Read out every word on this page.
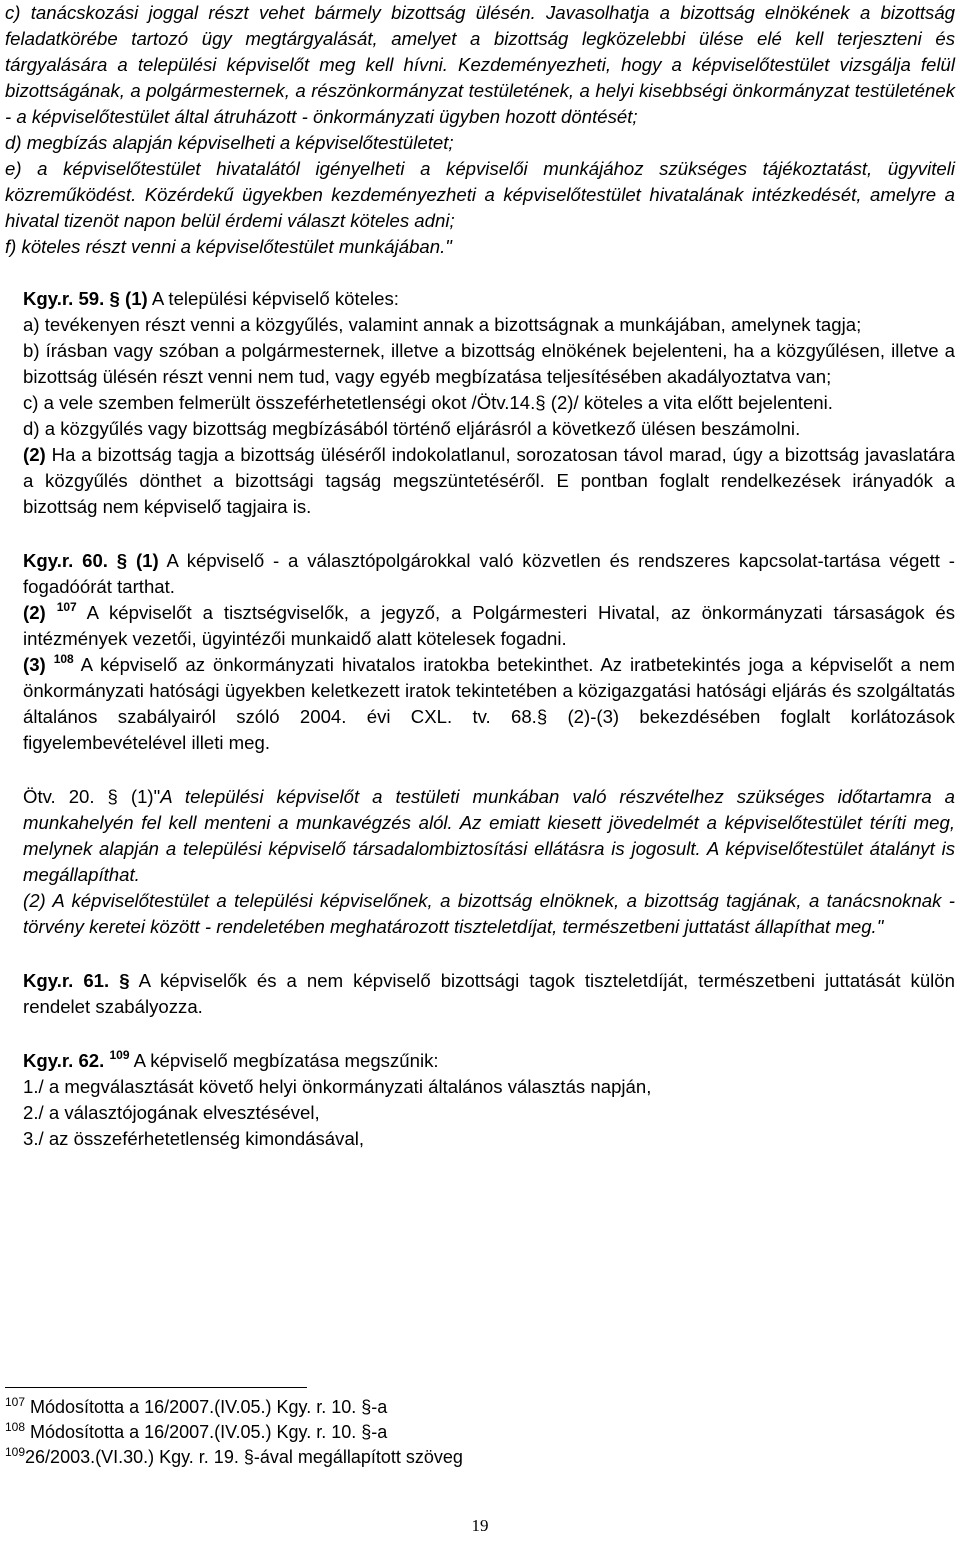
c) tanácskozási joggal részt vehet bármely bizottság ülésén. Javasolhatja a bizottság elnökének a bizottság feladatkörébe tartozó ügy megtárgyalását, amelyet a bizottság legközelebbi ülése elé kell terjeszteni és tárgyalására a települési képviselőt meg kell hívni. Kezdeményezheti, hogy a képviselőtestület vizsgálja felül bizottságának, a polgármesternek, a részönkormányzat testületének, a helyi kisebbségi önkormányzat testületének - a képviselőtestület által átruházott - önkormányzati ügyben hozott döntését;

d) megbízás alapján képviselheti a képviselőtestületet;

e) a képviselőtestület hivatalától igényelheti a képviselői munkájához szükséges tájékoztatást, ügyviteli közreműködést. Közérdekű ügyekben kezdeményezheti a képviselőtestület hivatalának intézkedését, amelyre a hivatal tizenöt napon belül érdemi választ köteles adni;

f) köteles részt venni a képviselőtestület munkájában."

Kgy.r. 59. § (1) A települési képviselő köteles:

a) tevékenyen részt venni a közgyűlés, valamint annak a bizottságnak a munkájában, amelynek tagja;

b) írásban vagy szóban a polgármesternek, illetve a bizottság elnökének bejelenteni, ha a közgyűlésen, illetve a bizottság ülésén részt venni nem tud, vagy egyéb megbízatása teljesítésében akadályoztatva van;

c) a vele szemben felmerült összeférhetetlenségi okot /Ötv.14.§ (2)/ köteles a vita előtt bejelenteni.

d) a közgyűlés vagy bizottság megbízásából történő eljárásról a következő ülésen beszámolni.

(2) Ha a bizottság tagja a bizottság üléséről indokolatlanul, sorozatosan távol marad, úgy a bizottság javaslatára a közgyűlés dönthet a bizottsági tagság megszüntetéséről. E pontban foglalt rendelkezések irányadók a bizottság nem képviselő tagjaira is.

Kgy.r. 60. § (1) A képviselő - a választópolgárokkal való közvetlen és rendszeres kapcsolat-tartása végett - fogadóórát tarthat.

(2) $^{107}$ A képviselőt a tisztségviselők, a jegyző, a Polgármesteri Hivatal, az önkormányzati társaságok és intézmények vezetői, ügyintézői munkaidő alatt kötelesek fogadni.

(3) $^{108}$ A képviselő az önkormányzati hivatalos iratokba betekinthet. Az iratbetekintés joga a képviselőt a nem önkormányzati hatósági ügyekben keletkezett iratok tekintetében a közigazgatási hatósági eljárás és szolgáltatás általános szabályairól szóló 2004. évi CXL. tv. 68.§ (2)-(3) bekezdésében foglalt korlátozások figyelembevételével illeti meg.

Ötv. 20. § (1)"A települési képviselőt a testületi munkában való részvételhez szükséges időtartamra a munkahelyén fel kell menteni a munkavégzés alól. Az emiatt kiesett jövedelmét a képviselőtestület téríti meg, melynek alapján a települési képviselő társadalombiztosítási ellátásra is jogosult. A képviselőtestület átalányt is megállapíthat.

(2) A képviselőtestület a települési képviselőnek, a bizottság elnöknek, a bizottság tagjának, a tanácsnoknak - törvény keretei között - rendeletében meghatározott tiszteletdíjat, természetbeni juttatást állapíthat meg."

Kgy.r. 61. § A képviselők és a nem képviselő bizottsági tagok tiszteletdíját, természetbeni juttatását külön rendelet szabályozza.

Kgy.r. 62. $^{109}$ A képviselő megbízatása megszűnik:

1./ a megválasztását követő helyi önkormányzati általános választás napján,

2./ a választójogának elvesztésével,

3./ az összeférhetetlenség kimondásával,

$^{107}$ Módosította a 16/2007.(IV.05.) Kgy. r. 10. §-a
$^{108}$ Módosította a 16/2007.(IV.05.) Kgy. r. 10. §-a
$^{109}$26/2003.(VI.30.) Kgy. r. 19. §-ával megállapított szöveg
19
